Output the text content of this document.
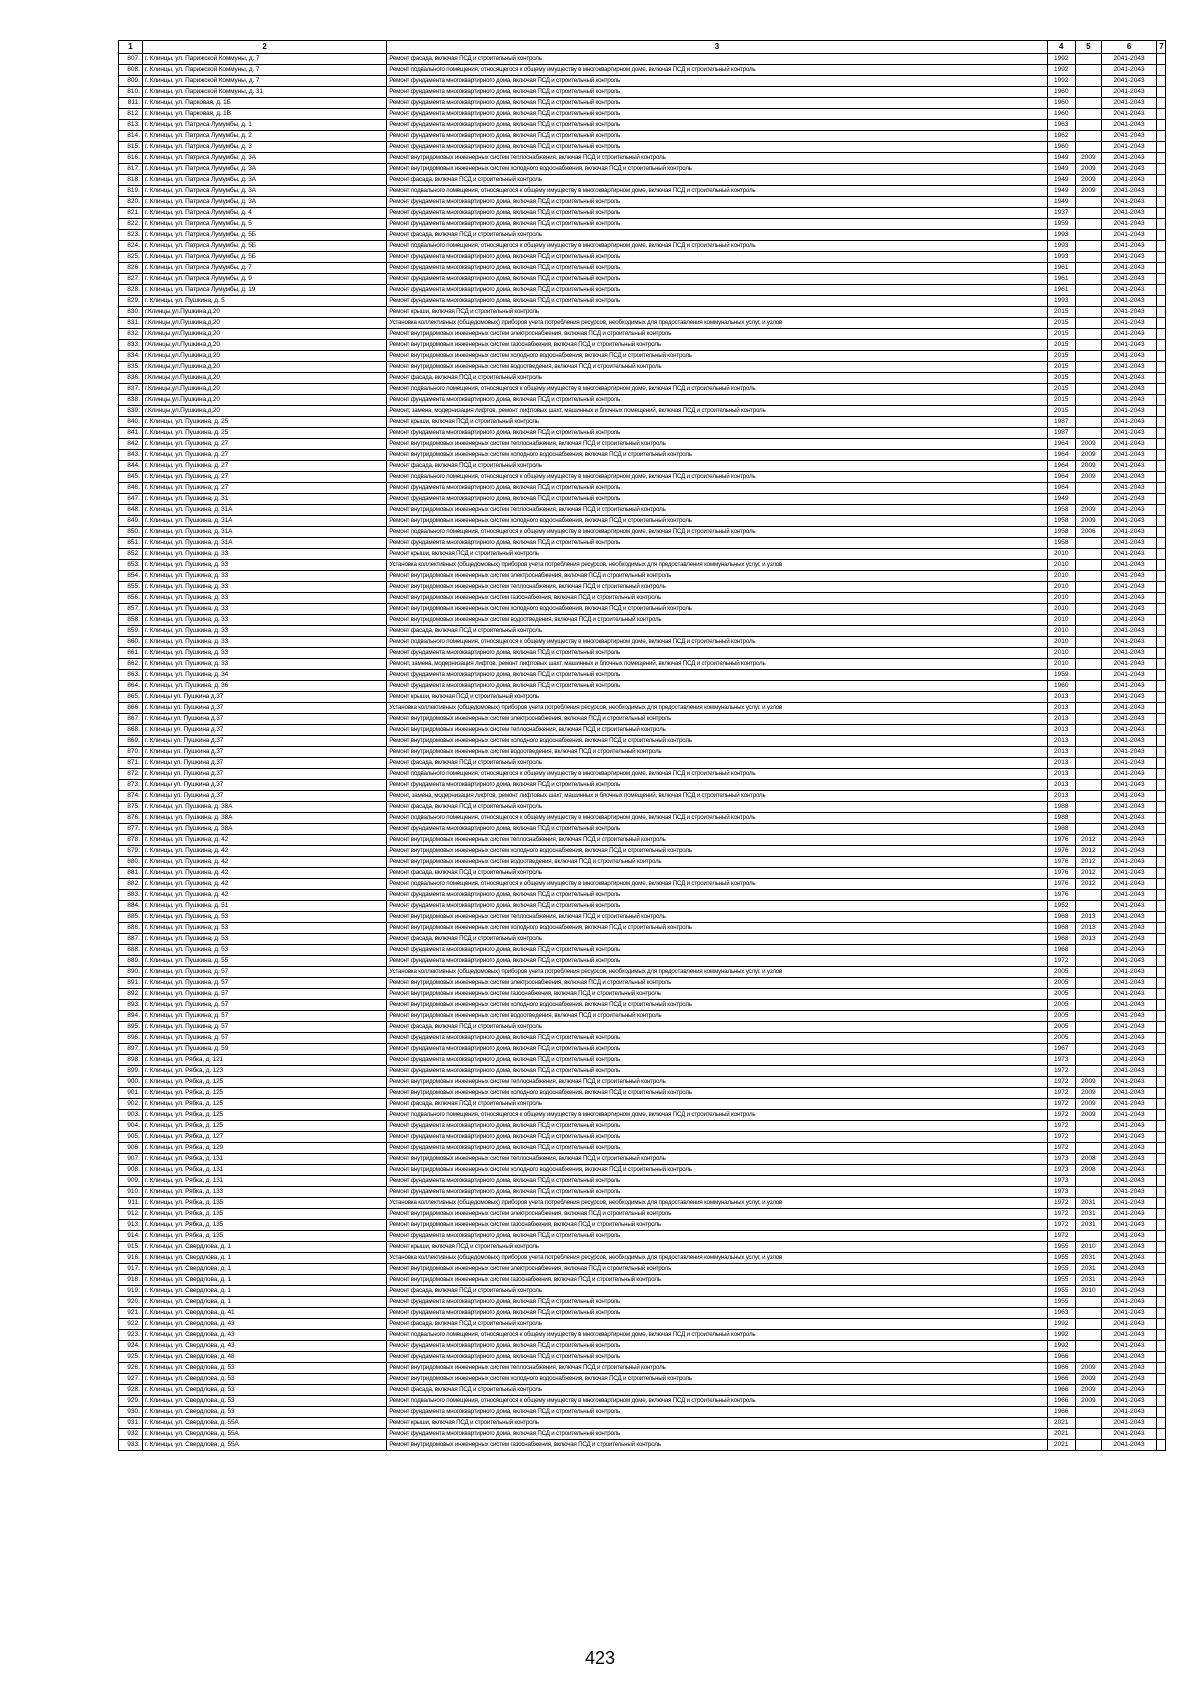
1	2	3	4	5	6	7
807.	г. Клинцы, ул. Парижской Коммуны, д. 7	Ремонт фасада, включая ПСД и строительный контроль	1992		2041-2043	
808.	г. Клинцы, ул. Парижской Коммуны, д. 7	Ремонт подвального помещения, относящегося к общему имуществу в многоквартирном доме, включая ПСД и строительный контроль	1992		2041-2043	
809.	г. Клинцы, ул. Парижской Коммуны, д. 7	Ремонт фундамента многоквартирного дома, включая ПСД и строительный контроль	1992		2041-2043	
810.	г. Клинцы, ул. Парижской Коммуны, д. 31	Ремонт фундамента многоквартирного дома, включая ПСД и строительный контроль	1960		2041-2043	
811.	г. Клинцы, ул. Парковая, д. 1Б	Ремонт фундамента многоквартирного дома, включая ПСД и строительный контроль	1960		2041-2043	
812.	г. Клинцы, ул. Парковая, д. 1В	Ремонт фундамента многоквартирного дома, включая ПСД и строительный контроль	1960		2041-2043	
813.	г. Клинцы, ул. Патриса Лумумбы, д. 1	Ремонт фундамента многоквартирного дома, включая ПСД и строительный контроль	1963		2041-2043	
814.	г. Клинцы, ул. Патриса Лумумбы, д. 2	Ремонт фундамента многоквартирного дома, включая ПСД и строительный контроль	1962		2041-2043	
815.	г. Клинцы, ул. Патриса Лумумбы, д. 3	Ремонт фундамента многоквартирного дома, включая ПСД и строительный контроль	1960		2041-2043	
816.	г. Клинцы, ул. Патриса Лумумбы, д. 3А	Ремонт внутридомовых инженерных систем теплоснабжения, включая ПСД и строительный контроль	1949	2009	2041-2043	
817.	г. Клинцы, ул. Патриса Лумумбы, д. 3А	Ремонт внутридомовых инженерных систем холодного водоснабжения, включая ПСД и строительный контроль	1949	2009	2041-2043	
818.	г. Клинцы, ул. Патриса Лумумбы, д. 3А	Ремонт фасада, включая ПСД и строительный контроль	1949	2009	2041-2043	
819.	г. Клинцы, ул. Патриса Лумумбы, д. 3А	Ремонт подвального помещения, относящегося к общему имуществу в многоквартирном доме, включая ПСД и строительный контроль	1949	2009	2041-2043	
820.	г. Клинцы, ул. Патриса Лумумбы, д. 3А	Ремонт фундамента многоквартирного дома, включая ПСД и строительный контроль	1949		2041-2043	
821.	г. Клинцы, ул. Патриса Лумумбы, д. 4	Ремонт фундамента многоквартирного дома, включая ПСД и строительный контроль	1937		2041-2043	
822.	г. Клинцы, ул. Патриса Лумумбы, д. 5	Ремонт фундамента многоквартирного дома, включая ПСД и строительный контроль	1959		2041-2043	
823.	г. Клинцы, ул. Патриса Лумумбы, д. 5Б	Ремонт фасада, включая ПСД и строительный контроль	1993		2041-2043	
824.	г. Клинцы, ул. Патриса Лумумбы, д. 5Б	Ремонт подвального помещения, относящегося к общему имуществу в многоквартирном доме, включая ПСД и строительный контроль	1993		2041-2043	
825.	г. Клинцы, ул. Патриса Лумумбы, д. 5Б	Ремонт фундамента многоквартирного дома, включая ПСД и строительный контроль	1993		2041-2043	
826.	г. Клинцы, ул. Патриса Лумумбы, д. 7	Ремонт фундамента многоквартирного дома, включая ПСД и строительный контроль	1961		2041-2043	
827.	г. Клинцы, ул. Патриса Лумумбы, д. 9	Ремонт фундамента многоквартирного дома, включая ПСД и строительный контроль	1961		2041-2043	
828.	г. Клинцы, ул. Патриса Лумумбы, д. 19	Ремонт фундамента многоквартирного дома, включая ПСД и строительный контроль	1961		2041-2043	
829.	г. Клинцы, ул. Пушкина, д. 5	Ремонт фундамента многоквартирного дома, включая ПСД и строительный контроль	1993		2041-2043	
830.	г.Клинцы,ул.Пушкина,д.20	Ремонт крыши, включая ПСД и строительный контроль	2015		2041-2043	
831.	г.Клинцы,ул.Пушкина,д.20	Установка коллективных (общедомовых) приборов учета потребления ресурсов, необходимых для предоставления коммунальных услуг, и узлов	2015		2041-2043	
832.	г.Клинцы,ул.Пушкина,д.20	Ремонт внутридомовых инженерных систем электроснабжения, включая ПСД и строительный контроль	2015		2041-2043	
833.	г.Клинцы,ул.Пушкина,д.20	Ремонт внутридомовых инженерных систем газоснабжения, включая ПСД и строительный контроль	2015		2041-2043	
834.	г.Клинцы,ул.Пушкина,д.20	Ремонт внутридомовых инженерных систем холодного водоснабжения, включая ПСД и строительный контроль	2015		2041-2043	
835.	г.Клинцы,ул.Пушкина,д.20	Ремонт внутридомовых инженерных систем водоотведения, включая ПСД и строительный контроль	2015		2041-2043	
836.	г.Клинцы,ул.Пушкина,д.20	Ремонт фасада, включая ПСД и строительный контроль	2015		2041-2043	
837.	г.Клинцы,ул.Пушкина,д.20	Ремонт подвального помещения, относящегося к общему имуществу в многоквартирном доме, включая ПСД и строительный контроль	2015		2041-2043	
838.	г.Клинцы,ул.Пушкина,д.20	Ремонт фундамента многоквартирного дома, включая ПСД и строительный контроль	2015		2041-2043	
839.	г.Клинцы,ул.Пушкина,д.20	Ремонт, замена, модернизация лифтов, ремонт лифтовых шахт, машинных и блочных помещений, включая ПСД и строительный контроль	2015		2041-2043	
840.	г. Клинцы, ул. Пушкина, д. 25	Ремонт крыши, включая ПСД и строительный контроль	1987		2041-2043	
841.	г. Клинцы, ул. Пушкина, д. 25	Ремонт фундамента многоквартирного дома, включая ПСД и строительный контроль	1987		2041-2043	
842.	г. Клинцы, ул. Пушкина, д. 27	Ремонт внутридомовых инженерных систем теплоснабжения, включая ПСД и строительный контроль	1964	2009	2041-2043	
843.	г. Клинцы, ул. Пушкина, д. 27	Ремонт внутридомовых инженерных систем холодного водоснабжения, включая ПСД и строительный контроль	1964	2009	2041-2043	
844.	г. Клинцы, ул. Пушкина, д. 27	Ремонт фасада, включая ПСД и строительный контроль	1964	2009	2041-2043	
845.	г. Клинцы, ул. Пушкина, д. 27	Ремонт подвального помещения, относящегося к общему имуществу в многоквартирном доме, включая ПСД и строительный контроль	1964	2009	2041-2043	
846.	г. Клинцы, ул. Пушкина, д. 27	Ремонт фундамента многоквартирного дома, включая ПСД и строительный контроль	1964		2041-2043	
847.	г. Клинцы, ул. Пушкина, д. 31	Ремонт фундамента многоквартирного дома, включая ПСД и строительный контроль	1949		2041-2043	
848.	г. Клинцы, ул. Пушкина, д. 31А	Ремонт внутридомовых инженерных систем теплоснабжения, включая ПСД и строительный контроль	1958	2009	2041-2043	
849.	г. Клинцы, ул. Пушкина, д. 31А	Ремонт внутридомовых инженерных систем холодного водоснабжения, включая ПСД и строительный контроль	1958	2009	2041-2043	
850.	г. Клинцы, ул. Пушкина, д. 31А	Ремонт подвального помещения, относящегося к общему имуществу в многоквартирном доме, включая ПСД и строительный контроль	1958	2006	2041-2043	
851.	г. Клинцы, ул. Пушкина, д. 31А	Ремонт фундамента многоквартирного дома, включая ПСД и строительный контроль	1958		2041-2043	
852.	г. Клинцы, ул. Пушкина, д. 33	Ремонт крыши, включая ПСД и строительный контроль	2010		2041-2043	
853.	г. Клинцы, ул. Пушкина, д. 33	Установка коллективных (общедомовых) приборов учета потребления ресурсов, необходимых для предоставления коммунальных услуг, и узлов	2010		2041-2043	
854.	г. Клинцы, ул. Пушкина, д. 33	Ремонт внутридомовых инженерных систем электроснабжения, включая ПСД и строительный контроль	2010		2041-2043	
855.	г. Клинцы, ул. Пушкина, д. 33	Ремонт внутридомовых инженерных систем теплоснабжения, включая ПСД и строительный контроль	2010		2041-2043	
856.	г. Клинцы, ул. Пушкина, д. 33	Ремонт внутридомовых инженерных систем газоснабжения, включая ПСД и строительный контроль	2010		2041-2043	
857.	г. Клинцы, ул. Пушкина, д. 33	Ремонт внутридомовых инженерных систем холодного водоснабжения, включая ПСД и строительный контроль	2010		2041-2043	
858.	г. Клинцы, ул. Пушкина, д. 33	Ремонт внутридомовых инженерных систем водоотведения, включая ПСД и строительный контроль	2010		2041-2043	
859.	г. Клинцы, ул. Пушкина, д. 33	Ремонт фасада, включая ПСД и строительный контроль	2010		2041-2043	
860.	г. Клинцы, ул. Пушкина, д. 33	Ремонт подвального помещения, относящегося к общему имуществу в многоквартирном доме, включая ПСД и строительный контроль	2010		2041-2043	
861.	г. Клинцы, ул. Пушкина, д. 33	Ремонт фундамента многоквартирного дома, включая ПСД и строительный контроль	2010		2041-2043	
862.	г. Клинцы, ул. Пушкина, д. 33	Ремонт, замена, модернизация лифтов, ремонт лифтовых шахт, машинных и блочных помещений, включая ПСД и строительный контроль	2010		2041-2043	
863.	г. Клинцы, ул. Пушкина, д. 34	Ремонт фундамента многоквартирного дома, включая ПСД и строительный контроль	1959		2041-2043	
864.	г. Клинцы, ул. Пушкина, д. 36	Ремонт фундамента многоквартирного дома, включая ПСД и строительный контроль	1960		2041-2043	
865.	г. Клинцы ул. Пушкина д.37	Ремонт крыши, включая ПСД и строительный контроль	2013		2041-2043	
866.	г. Клинцы ул. Пушкина д.37	Установка коллективных (общедомовых) приборов учета потребления ресурсов, необходимых для предоставления коммунальных услуг, и узлов	2013		2041-2043	
867.	г. Клинцы ул. Пушкина д.37	Ремонт внутридомовых инженерных систем электроснабжения, включая ПСД и строительный контроль	2013		2041-2043	
868.	г. Клинцы ул. Пушкина д.37	Ремонт внутридомовых инженерных систем теплоснабжения, включая ПСД и строительный контроль	2013		2041-2043	
869.	г. Клинцы ул. Пушкина д.37	Ремонт внутридомовых инженерных систем холодного водоснабжения, включая ПСД и строительный контроль	2013		2041-2043	
870.	г. Клинцы ул. Пушкина д.37	Ремонт внутридомовых инженерных систем водоотведения, включая ПСД и строительный контроль	2013		2041-2043	
871.	г. Клинцы ул. Пушкина д.37	Ремонт фасада, включая ПСД и строительный контроль	2013		2041-2043	
872.	г. Клинцы ул. Пушкина д.37	Ремонт подвального помещения, относящегося к общему имуществу в многоквартирном доме, включая ПСД и строительный контроль	2013		2041-2043	
873.	г. Клинцы ул. Пушкина д.37	Ремонт фундамента многоквартирного дома, включая ПСД и строительный контроль	2013		2041-2043	
874.	г. Клинцы ул. Пушкина д.37	Ремонт, замена, модернизация лифтов, ремонт лифтовых шахт, машинных и блочных помещений, включая ПСД и строительный контроль	2013		2041-2043	
875.	г. Клинцы, ул. Пушкина, д. 38А	Ремонт фасада, включая ПСД и строительный контроль	1988		2041-2043	
876.	г. Клинцы, ул. Пушкина, д. 38А	Ремонт подвального помещения, относящегося к общему имуществу в многоквартирном доме, включая ПСД и строительный контроль	1988		2041-2043	
877.	г. Клинцы, ул. Пушкина, д. 38А	Ремонт фундамента многоквартирного дома, включая ПСД и строительный контроль	1988		2041-2043	
878.	г. Клинцы, ул. Пушкина, д. 42	Ремонт внутридомовых инженерных систем теплоснабжения, включая ПСД и строительный контроль	1976	2012	2041-2043	
879.	г. Клинцы, ул. Пушкина, д. 42	Ремонт внутридомовых инженерных систем холодного водоснабжения, включая ПСД и строительный контроль	1976	2012	2041-2043	
880.	г. Клинцы, ул. Пушкина, д. 42	Ремонт внутридомовых инженерных систем водоотведения, включая ПСД и строительный контроль	1976	2012	2041-2043	
881.	г. Клинцы, ул. Пушкина, д. 42	Ремонт фасада, включая ПСД и строительный контроль	1976	2012	2041-2043	
882.	г. Клинцы, ул. Пушкина, д. 42	Ремонт подвального помещения, относящегося к общему имуществу в многоквартирном доме, включая ПСД и строительный контроль	1976	2012	2041-2043	
883.	г. Клинцы, ул. Пушкина, д. 42	Ремонт фундамента многоквартирного дома, включая ПСД и строительный контроль	1976		2041-2043	
884.	г. Клинцы, ул. Пушкина, д. 51	Ремонт фундамента многоквартирного дома, включая ПСД и строительный контроль	1952		2041-2043	
885.	г. Клинцы, ул. Пушкина, д. 53	Ремонт внутридомовых инженерных систем теплоснабжения, включая ПСД и строительный контроль	1968	2013	2041-2043	
886.	г. Клинцы, ул. Пушкина, д. 53	Ремонт внутридомовых инженерных систем холодного водоснабжения, включая ПСД и строительный контроль	1968	2013	2041-2043	
887.	г. Клинцы, ул. Пушкина, д. 53	Ремонт фасада, включая ПСД и строительный контроль	1968	2013	2041-2043	
888.	г. Клинцы, ул. Пушкина, д. 53	Ремонт фундамента многоквартирного дома, включая ПСД и строительный контроль	1968		2041-2043	
889.	г. Клинцы, ул. Пушкина, д. 55	Ремонт фундамента многоквартирного дома, включая ПСД и строительный контроль	1972		2041-2043	
890.	г. Клинцы, ул. Пушкина, д. 57	Установка коллективных (общедомовых) приборов учета потребления ресурсов, необходимых для предоставления коммунальных услуг, и узлов	2005		2041-2043	
891.	г. Клинцы, ул. Пушкина, д. 57	Ремонт внутридомовых инженерных систем электроснабжения, включая ПСД и строительный контроль	2005		2041-2043	
892.	г. Клинцы, ул. Пушкина, д. 57	Ремонт внутридомовых инженерных систем газоснабжения, включая ПСД и строительный контроль	2005		2041-2043	
893.	г. Клинцы, ул. Пушкина, д. 57	Ремонт внутридомовых инженерных систем холодного водоснабжения, включая ПСД и строительный контроль	2005		2041-2043	
894.	г. Клинцы, ул. Пушкина, д. 57	Ремонт внутридомовых инженерных систем водоотведения, включая ПСД и строительный контроль	2005		2041-2043	
895.	г. Клинцы, ул. Пушкина, д. 57	Ремонт фасада, включая ПСД и строительный контроль	2005		2041-2043	
896.	г. Клинцы, ул. Пушкина, д. 57	Ремонт фундамента многоквартирного дома, включая ПСД и строительный контроль	2005		2041-2043	
897.	г. Клинцы, ул. Пушкина, д. 59	Ремонт фундамента многоквартирного дома, включая ПСД и строительный контроль	1967		2041-2043	
898.	г. Клинцы, ул. Рябка, д. 121	Ремонт фундамента многоквартирного дома, включая ПСД и строительный контроль	1973		2041-2043	
899.	г. Клинцы, ул. Рябка, д. 123	Ремонт фундамента многоквартирного дома, включая ПСД и строительный контроль	1972		2041-2043	
900.	г. Клинцы, ул. Рябка, д. 125	Ремонт внутридомовых инженерных систем теплоснабжения, включая ПСД и строительный контроль	1972	2009	2041-2043	
901.	г. Клинцы, ул. Рябка, д. 125	Ремонт внутридомовых инженерных систем холодного водоснабжения, включая ПСД и строительный контроль	1972	2009	2041-2043	
902.	г. Клинцы, ул. Рябка, д. 125	Ремонт фасада, включая ПСД и строительный контроль	1972	2009	2041-2043	
903.	г. Клинцы, ул. Рябка, д. 125	Ремонт подвального помещения, относящегося к общему имуществу в многоквартирном доме, включая ПСД и строительный контроль	1972	2009	2041-2043	
904.	г. Клинцы, ул. Рябка, д. 125	Ремонт фундамента многоквартирного дома, включая ПСД и строительный контроль	1972		2041-2043	
905.	г. Клинцы, ул. Рябка, д. 127	Ремонт фундамента многоквартирного дома, включая ПСД и строительный контроль	1972		2041-2043	
906.	г. Клинцы, ул. Рябка, д. 129	Ремонт фундамента многоквартирного дома, включая ПСД и строительный контроль	1972		2041-2043	
907.	г. Клинцы, ул. Рябка, д. 131	Ремонт внутридомовых инженерных систем теплоснабжения, включая ПСД и строительный контроль	1973	2008	2041-2043	
908.	г. Клинцы, ул. Рябка, д. 131	Ремонт внутридомовых инженерных систем холодного водоснабжения, включая ПСД и строительный контроль	1973	2008	2041-2043	
909.	г. Клинцы, ул. Рябка, д. 131	Ремонт фундамента многоквартирного дома, включая ПСД и строительный контроль	1973		2041-2043	
910.	г. Клинцы, ул. Рябка, д. 133	Ремонт фундамента многоквартирного дома, включая ПСД и строительный контроль	1973		2041-2043	
911.	г. Клинцы, ул. Рябка, д. 135	Установка коллективных (общедомовых) приборов учета потребления ресурсов, необходимых для предоставления коммунальных услуг, и узлов	1972	2031	2041-2043	
912.	г. Клинцы, ул. Рябка, д. 135	Ремонт внутридомовых инженерных систем электроснабжения, включая ПСД и строительный контроль	1972	2031	2041-2043	
913.	г. Клинцы, ул. Рябка, д. 135	Ремонт внутридомовых инженерных систем газоснабжения, включая ПСД и строительный контроль	1972	2031	2041-2043	
914.	г. Клинцы, ул. Рябка, д. 135	Ремонт фундамента многоквартирного дома, включая ПСД и строительный контроль	1972		2041-2043	
915.	г. Клинцы, ул. Свердлова, д. 1	Ремонт крыши, включая ПСД и строительный контроль	1955	2010	2041-2043	
916.	г. Клинцы, ул. Свердлова, д. 1	Установка коллективных (общедомовых) приборов учета потребления ресурсов, необходимых для предоставления коммунальных услуг, и узлов	1955	2031	2041-2043	
917.	г. Клинцы, ул. Свердлова, д. 1	Ремонт внутридомовых инженерных систем электроснабжения, включая ПСД и строительный контроль	1955	2031	2041-2043	
918.	г. Клинцы, ул. Свердлова, д. 1	Ремонт внутридомовых инженерных систем газоснабжения, включая ПСД и строительный контроль	1955	2031	2041-2043	
919.	г. Клинцы, ул. Свердлова, д. 1	Ремонт фасада, включая ПСД и строительный контроль	1955	2010	2041-2043	
920.	г. Клинцы, ул. Свердлова, д. 1	Ремонт фундамента многоквартирного дома, включая ПСД и строительный контроль	1955		2041-2043	
921.	г. Клинцы, ул. Свердлова, д. 41	Ремонт фундамента многоквартирного дома, включая ПСД и строительный контроль	1963		2041-2043	
922.	г. Клинцы, ул. Свердлова, д. 43	Ремонт фасада, включая ПСД и строительный контроль	1992		2041-2043	
923.	г. Клинцы, ул. Свердлова, д. 43	Ремонт подвального помещения, относящегося к общему имуществу в многоквартирном доме, включая ПСД и строительный контроль	1992		2041-2043	
924.	г. Клинцы, ул. Свердлова, д. 43	Ремонт фундамента многоквартирного дома, включая ПСД и строительный контроль	1992		2041-2043	
925.	г. Клинцы, ул. Свердлова, д. 48	Ремонт фундамента многоквартирного дома, включая ПСД и строительный контроль	1966		2041-2043	
926.	г. Клинцы, ул. Свердлова, д. 53	Ремонт внутридомовых инженерных систем теплоснабжения, включая ПСД и строительный контроль	1966	2009	2041-2043	
927.	г. Клинцы, ул. Свердлова, д. 53	Ремонт внутридомовых инженерных систем холодного водоснабжения, включая ПСД и строительный контроль	1966	2009	2041-2043	
928.	г. Клинцы, ул. Свердлова, д. 53	Ремонт фасада, включая ПСД и строительный контроль	1966	2009	2041-2043	
929.	г. Клинцы, ул. Свердлова, д. 53	Ремонт подвального помещения, относящегося к общему имуществу в многоквартирном доме, включая ПСД и строительный контроль	1966	2009	2041-2043	
930.	г. Клинцы, ул. Свердлова, д. 53	Ремонт фундамента многоквартирного дома, включая ПСД и строительный контроль	1966		2041-2043	
931.	г. Клинцы, ул. Свердлова, д. 55А	Ремонт крыши, включая ПСД и строительный контроль	2021		2041-2043	
932.	г. Клинцы, ул. Свердлова, д. 55А	Ремонт фундамента многоквартирного дома, включая ПСД и строительный контроль	2021		2041-2043	
933.	г. Клинцы, ул. Свердлова, д. 55А	Ремонт внутридомовых инженерных систем газоснабжения, включая ПСД и строительный контроль	2021		2041-2043	
423
